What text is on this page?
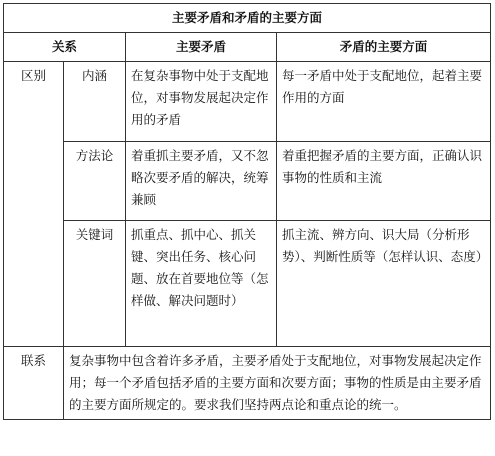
主要矛盾和矛盾的主要方面			
关系		主要矛盾	矛盾的主要方面
区别	内涵	在复杂事物中处于支配地位，对事物发展起决定作用的矛盾	每一矛盾中处于支配地位，起着主要作用的方面
	方法论	着重抓主要矛盾，又不忽略次要矛盾的解决，统筹兼顾	着重把握矛盾的主要方面，正确认识事物的性质和主流
	关键词	抓重点、抓中心、抓关键、突出任务、核心问题、放在首要地位等（怎样做、解决问题时）	抓主流、辨方向、识大局（分析形势）、判断性质等（怎样认识、态度）
联系	复杂事物中包含着许多矛盾，主要矛盾处于支配地位，对事物发展起决定作用；每一个矛盾包括矛盾的主要方面和次要方面；事物的性质是由主要矛盾的主要方面所规定的。要求我们坚持两点论和重点论的统一。		
